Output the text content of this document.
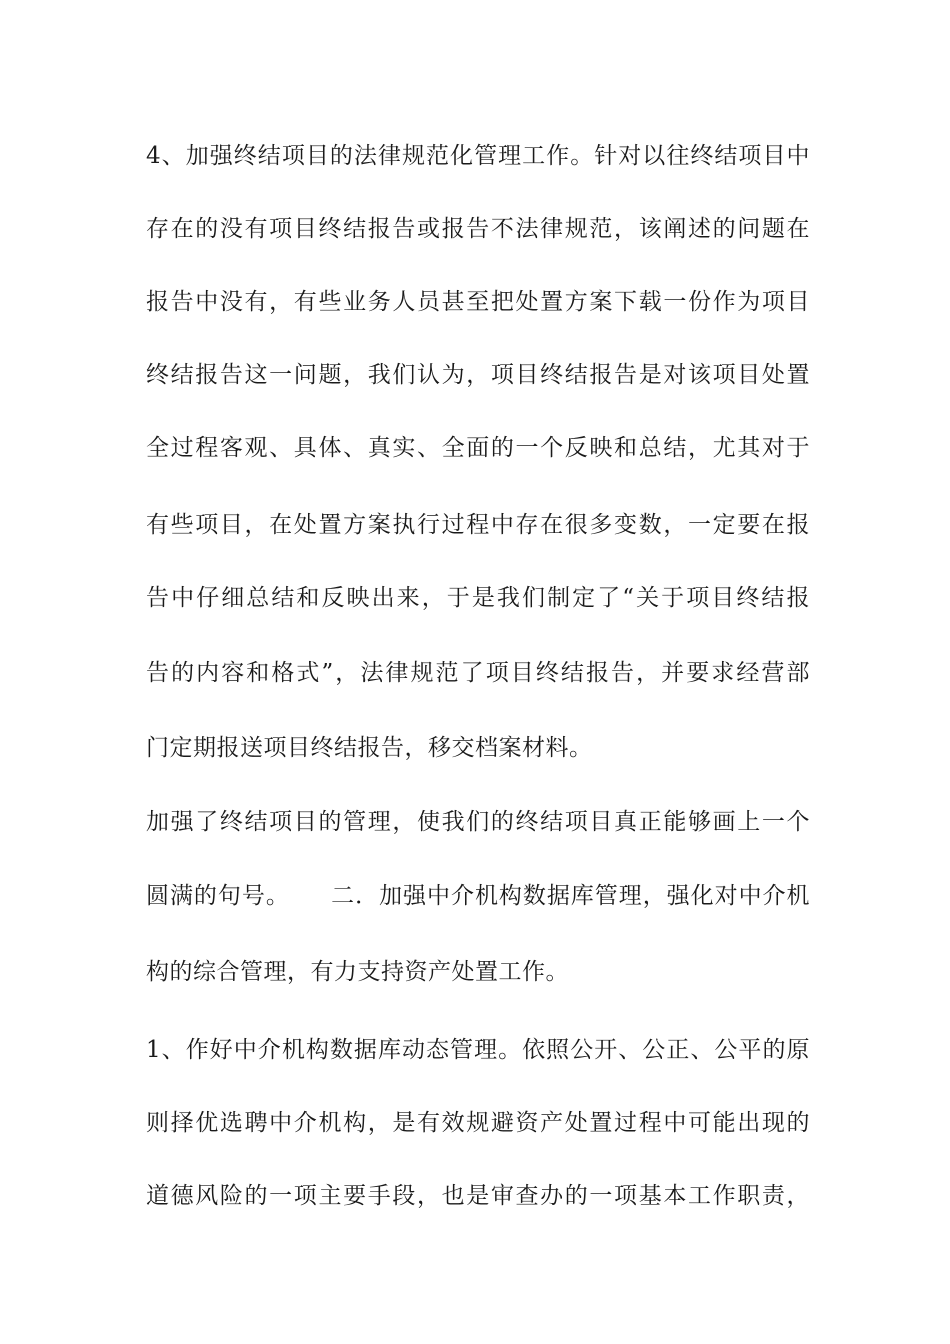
4、加强终结项目的法律规范化管理工作。针对以往终结项目中
存在的没有项目终结报告或报告不法律规范，该阐述的问题在
报告中没有，有些业务人员甚至把处置方案下载一份作为项目
终结报告这一问题，我们认为，项目终结报告是对该项目处置
全过程客观、具体、真实、全面的一个反映和总结，尤其对于
有些项目，在处置方案执行过程中存在很多变数，一定要在报
告中仔细总结和反映出来，于是我们制定了“关于项目终结报
告的内容和格式”，法律规范了项目终结报告，并要求经营部
门定期报送项目终结报告，移交档案材料。
加强了终结项目的管理，使我们的终结项目真正能够画上一个
圆满的句号。     二．加强中介机构数据库管理，强化对中介机
构的综合管理，有力支持资产处置工作。
1、作好中介机构数据库动态管理。依照公开、公正、公平的原
则择优选聘中介机构，是有效规避资产处置过程中可能出现的
道德风险的一项主要手段，也是审查办的一项基本工作职责，
